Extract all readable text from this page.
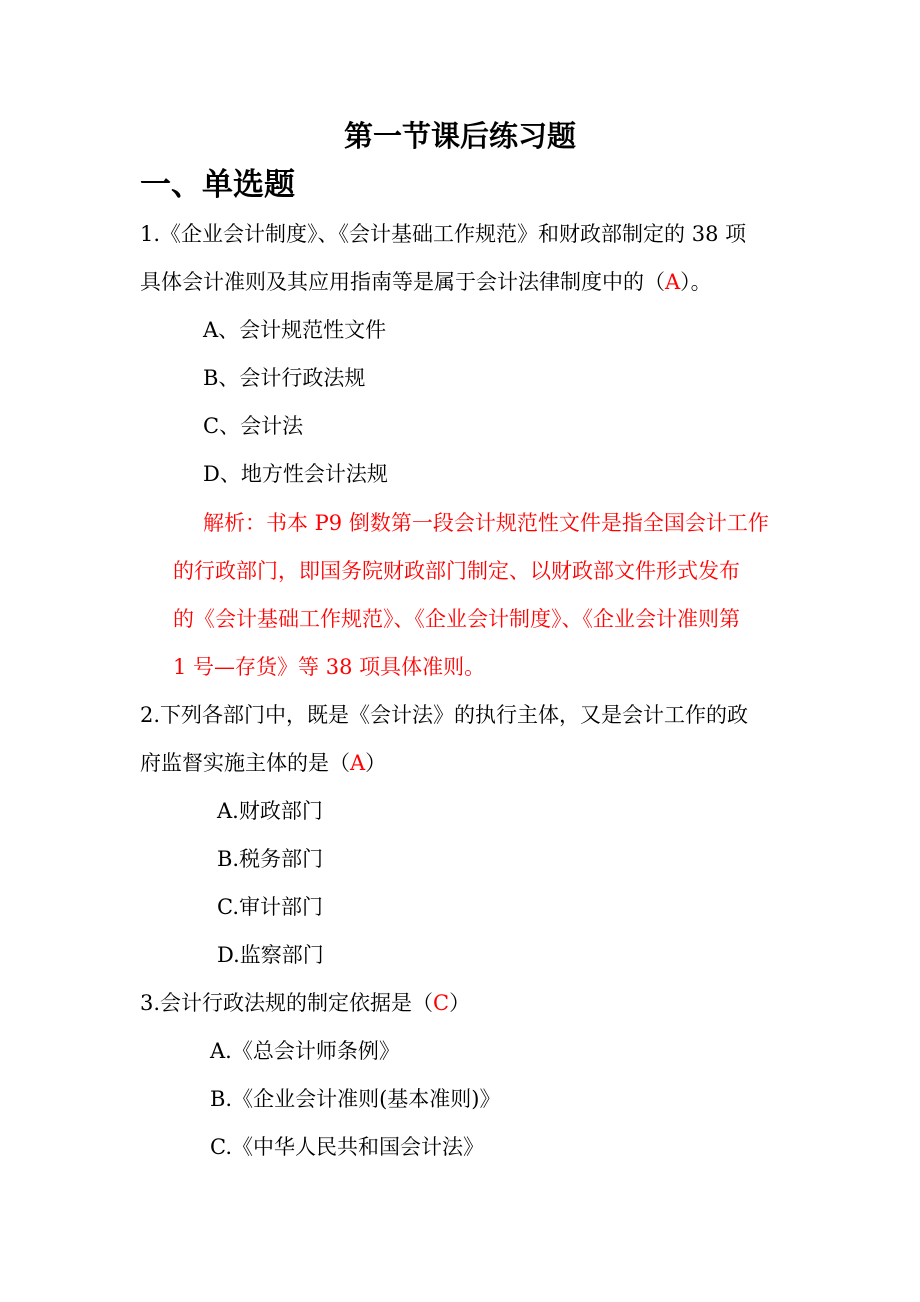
第一节课后练习题
一、单选题
1.《企业会计制度》、《会计基础工作规范》和财政部制定的 38 项
具体会计准则及其应用指南等是属于会计法律制度中的（A）。
A、会计规范性文件
B、会计行政法规
C、会计法
D、地方性会计法规
解析：书本 P9 倒数第一段会计规范性文件是指全国会计工作
的行政部门，即国务院财政部门制定、以财政部文件形式发布
的《会计基础工作规范》、《企业会计制度》、《企业会计准则第
1 号—存货》等 38 项具体准则。
2.下列各部门中，既是《会计法》的执行主体，又是会计工作的政
府监督实施主体的是（A）
A.财政部门
B.税务部门
C.审计部门
D.监察部门
3.会计行政法规的制定依据是（C）
A.《总会计师条例》
B.《企业会计准则(基本准则)》
C.《中华人民共和国会计法》
